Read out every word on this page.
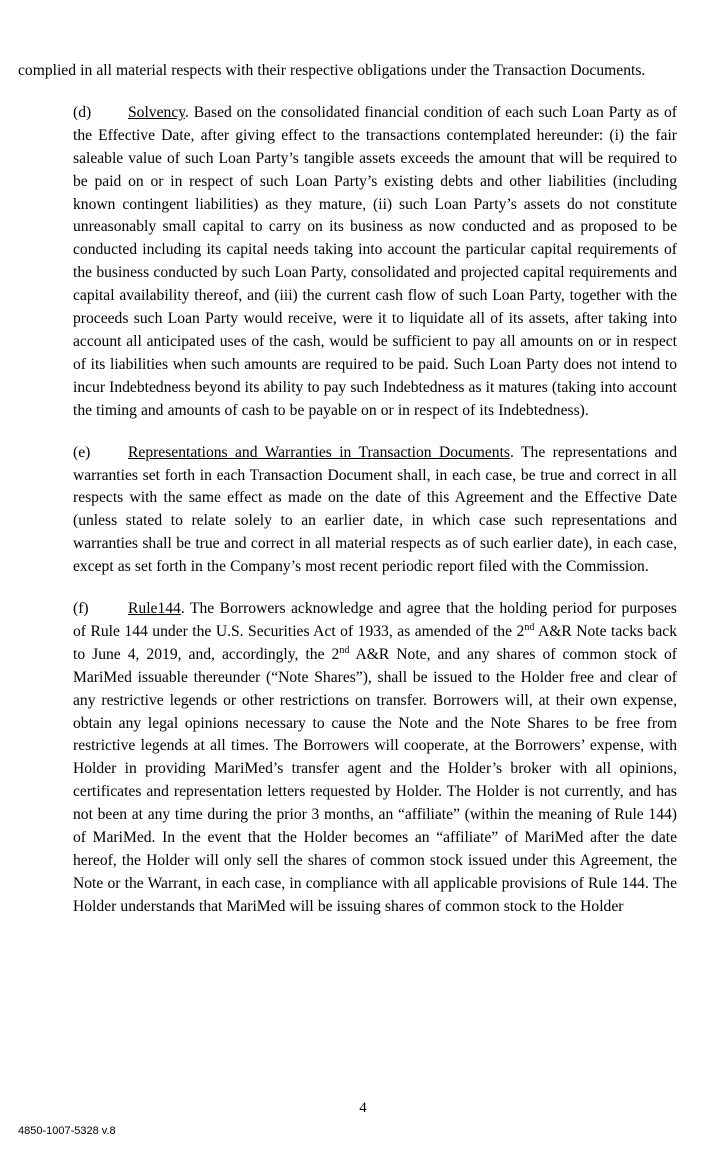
complied in all material respects with their respective obligations under the Transaction Documents.

(d) Solvency. Based on the consolidated financial condition of each such Loan Party as of the Effective Date, after giving effect to the transactions contemplated hereunder: (i) the fair saleable value of such Loan Party’s tangible assets exceeds the amount that will be required to be paid on or in respect of such Loan Party’s existing debts and other liabilities (including known contingent liabilities) as they mature, (ii) such Loan Party’s assets do not constitute unreasonably small capital to carry on its business as now conducted and as proposed to be conducted including its capital needs taking into account the particular capital requirements of the business conducted by such Loan Party, consolidated and projected capital requirements and capital availability thereof, and (iii) the current cash flow of such Loan Party, together with the proceeds such Loan Party would receive, were it to liquidate all of its assets, after taking into account all anticipated uses of the cash, would be sufficient to pay all amounts on or in respect of its liabilities when such amounts are required to be paid. Such Loan Party does not intend to incur Indebtedness beyond its ability to pay such Indebtedness as it matures (taking into account the timing and amounts of cash to be payable on or in respect of its Indebtedness).

(e) Representations and Warranties in Transaction Documents. The representations and warranties set forth in each Transaction Document shall, in each case, be true and correct in all respects with the same effect as made on the date of this Agreement and the Effective Date (unless stated to relate solely to an earlier date, in which case such representations and warranties shall be true and correct in all material respects as of such earlier date), in each case, except as set forth in the Company’s most recent periodic report filed with the Commission.

(f)	Rule144. The Borrowers acknowledge and agree that the holding period for purposes of Rule 144 under the U.S. Securities Act of 1933, as amended of the 2nd A&R Note tacks back to June 4, 2019, and, accordingly, the 2nd A&R Note, and any shares of common stock of MariMed issuable thereunder (“Note Shares”), shall be issued to the Holder free and clear of any restrictive legends or other restrictions on transfer. Borrowers will, at their own expense, obtain any legal opinions necessary to cause the Note and the Note Shares to be free from restrictive legends at all times. The Borrowers will cooperate, at the Borrowers’ expense, with Holder in providing MariMed’s transfer agent and the Holder’s broker with all opinions, certificates and representation letters requested by Holder. The Holder is not currently, and has not been at any time during the prior 3 months, an “affiliate” (within the meaning of Rule 144) of MariMed. In the event that the Holder becomes an “affiliate” of MariMed after the date hereof, the Holder will only sell the shares of common stock issued under this Agreement, the Note or the Warrant, in each case, in compliance with all applicable provisions of Rule 144. The Holder understands that MariMed will be issuing shares of common stock to the Holder

4
4850-1007-5328 v.8
